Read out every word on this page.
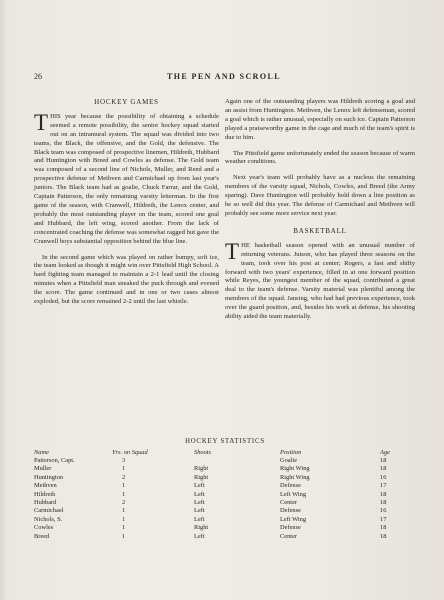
26	THE PEN AND SCROLL
HOCKEY GAMES

THIS year because the possibility of obtaining a schedule seemed a remote possibility, the senior hockey squad started out on an intramural system. The squad was divided into two teams, the Black, the offensive, and the Gold, the defensive. The Black team was composed of prospective linemen, Hildreth, Hubbard and Huntington with Breed and Cowles as defense. The Gold team was composed of a second line of Nichols, Muller, and Reed and a prospective defense of Methven and Carmichael up from last year's juniors. The Black team had as goalie, Chuck Farrar, and the Gold, Captain Patterson, the only remaining varsity letterman. In the first game of the season, with Cranwell, Hildreth, the Lenox center, and probably the most outstanding player on the team, scored one goal and Hubbard, the left wing, scored another. From the lack of concentrated coaching the defense was somewhat ragged but gave the Cranwell boys substantial opposition behind the blue line.

In the second game which was played on rather bumpy, soft ice, the team looked as though it might win over Pittsfield High School. A hard fighting team managed to maintain a 2-1 lead until the closing minutes when a Pittsfield man sneaked the puck through and evened the score. The game continued and in one or two cases almost exploded, but the score remained 2-2 until the last whistle.

Again one of the outstanding players was Hildreth scoring a goal and an assist from Huntington. Methven, the Lenox left defenseman, scored a goal which is rather unusual, especially on such ice. Captain Patterson played a praiseworthy game in the cage and much of the team's spirit is due to him.

The Pittsfield game unfortunately ended the season because of warm weather conditions.

Next year's team will probably have as a nucleus the remaining members of the varsity squad, Nichols, Cowles, and Breed (the Army sparing). Dave Huntington will probably hold down a line position as he so well did this year. The defense of Carmichael and Methven will probably see some more service next year.

BASKETBALL

THE basketball season opened with an unusual number of returning veterans. Jutson, who has played three seasons on the team, took over his post at center; Rogers, a fast and shifty forward with two years' experience, filled in at one forward position while Reyes, the youngest member of the squad, contributed a great deal to the team's defense. Varsity material was plentiful among the members of the squad. Jansing, who had had previous experience, took over the guard position, and, besides his work at defense, his shooting ability aided the team materially.

HOCKEY STATISTICS
Name	Yrs. on Squad	Shoots	Position	Age
Patterson, Capt.	3		Goalie	18
Muller	1	Right	Right Wing	18
Huntington	2	Right	Right Wing	16
Methven	1	Left	Defense	17
Hildreth	1	Left	Left Wing	18
Hubbard	2	Left	Center	18
Carmichael	1	Left	Defense	16
Nichols, S.	1	Left	Left Wing	17
Cowles	1	Right	Defense	18
Breed	1	Left	Center	18
